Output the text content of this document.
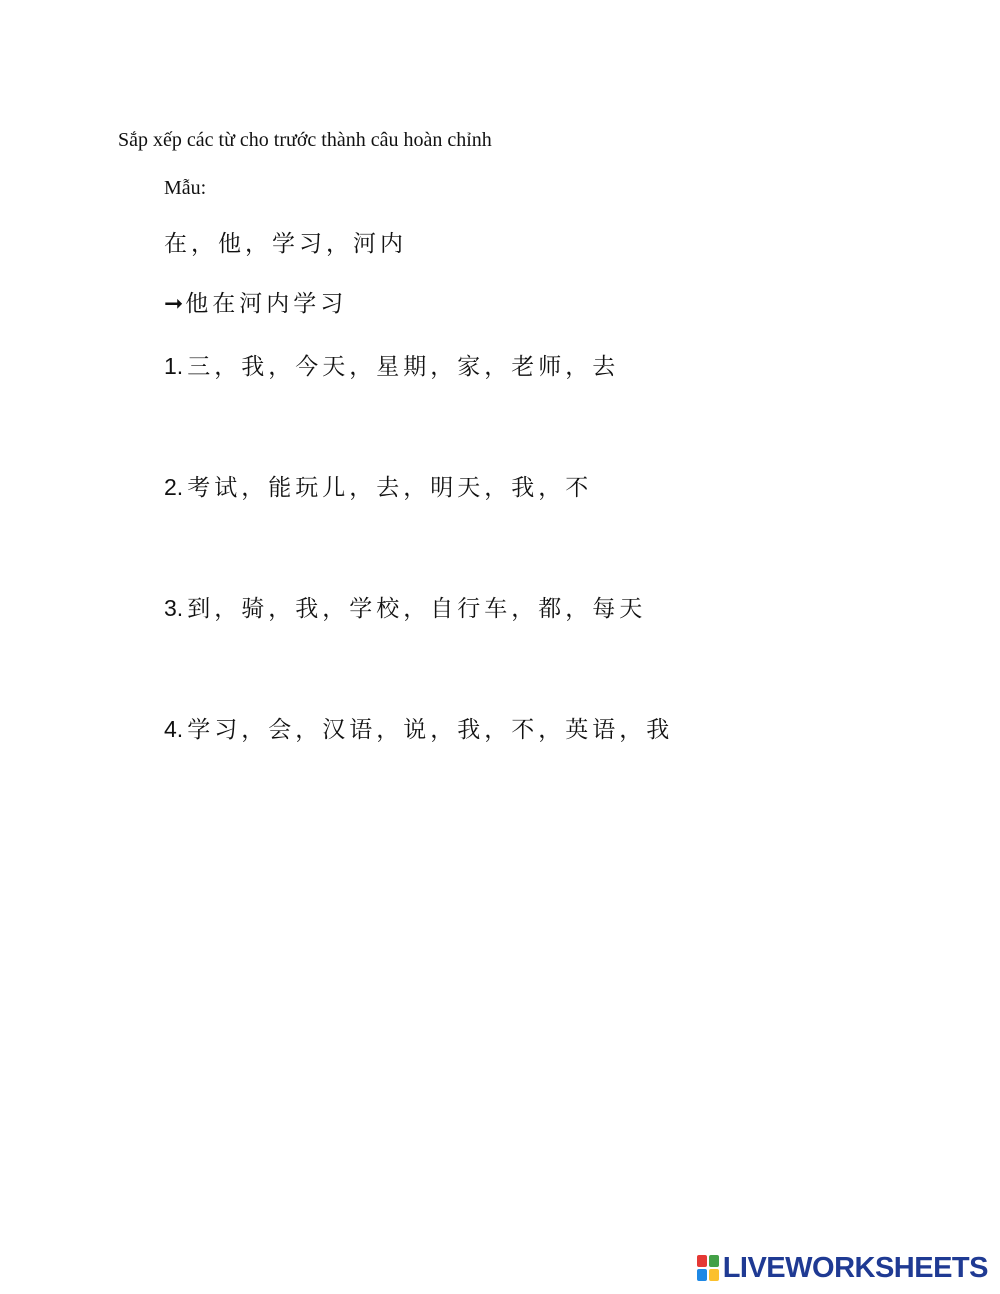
Sắp xếp các từ cho trước thành câu hoàn chỉnh
Mẫu:
在，他，学习，河内
➞他在河内学习
1. 三，我，今天，星期，家，老师，去
2. 考试，能玩儿，去，明天，我，不
3. 到，骑，我，学校，自行车，都，每天
4. 学习，会，汉语，说，我，不，英语，我
LIVEWORKSHEETS
